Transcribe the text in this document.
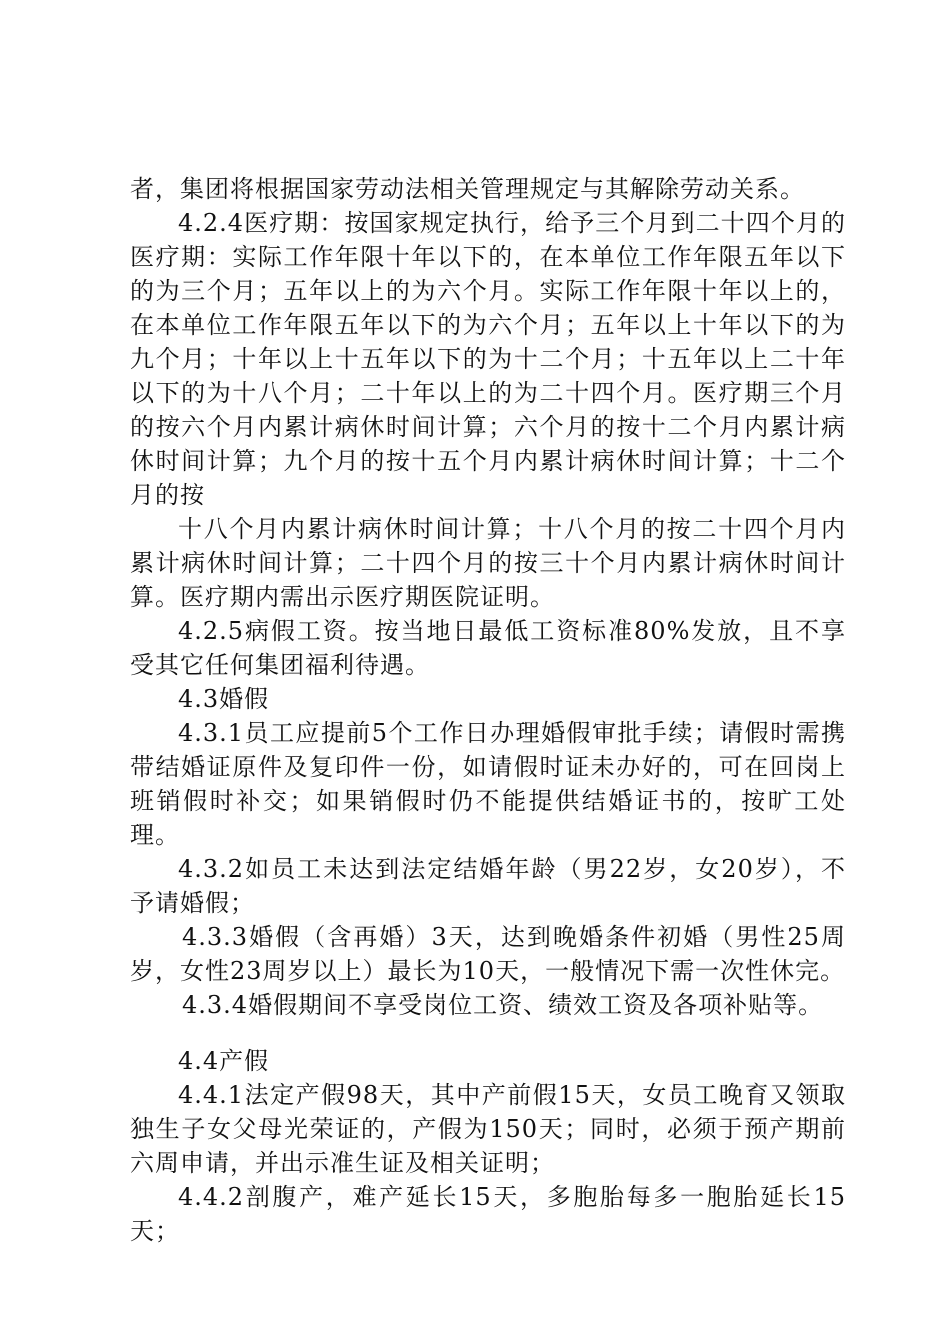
者，集团将根据国家劳动法相关管理规定与其解除劳动关系。

4.2.4医疗期：按国家规定执行，给予三个月到二十四个月的医疗期：实际工作年限十年以下的，在本单位工作年限五年以下的为三个月；五年以上的为六个月。实际工作年限十年以上的，在本单位工作年限五年以下的为六个月；五年以上十年以下的为九个月；十年以上十五年以下的为十二个月；十五年以上二十年以下的为十八个月；二十年以上的为二十四个月。医疗期三个月的按六个月内累计病休时间计算；六个月的按十二个月内累计病休时间计算；九个月的按十五个月内累计病休时间计算；十二个月的按

十八个月内累计病休时间计算；十八个月的按二十四个月内累计病休时间计算；二十四个月的按三十个月内累计病休时间计算。医疗期内需出示医疗期医院证明。

4.2.5病假工资。按当地日最低工资标准80%发放，且不享受其它任何集团福利待遇。

4.3婚假

4.3.1员工应提前5个工作日办理婚假审批手续；请假时需携带结婚证原件及复印件一份，如请假时证未办好的，可在回岗上班销假时补交；如果销假时仍不能提供结婚证书的，按旷工处理。

4.3.2如员工未达到法定结婚年龄（男22岁，女20岁），不予请婚假；

4.3.3婚假（含再婚）3天，达到晚婚条件初婚（男性25周岁，女性23周岁以上）最长为10天，一般情况下需一次性休完。

4.3.4婚假期间不享受岗位工资、绩效工资及各项补贴等。

4.4产假

4.4.1法定产假98天，其中产前假15天，女员工晚育又领取独生子女父母光荣证的，产假为150天；同时，必须于预产期前六周申请，并出示准生证及相关证明；

4.4.2剖腹产，难产延长15天，多胞胎每多一胞胎延长15天；
